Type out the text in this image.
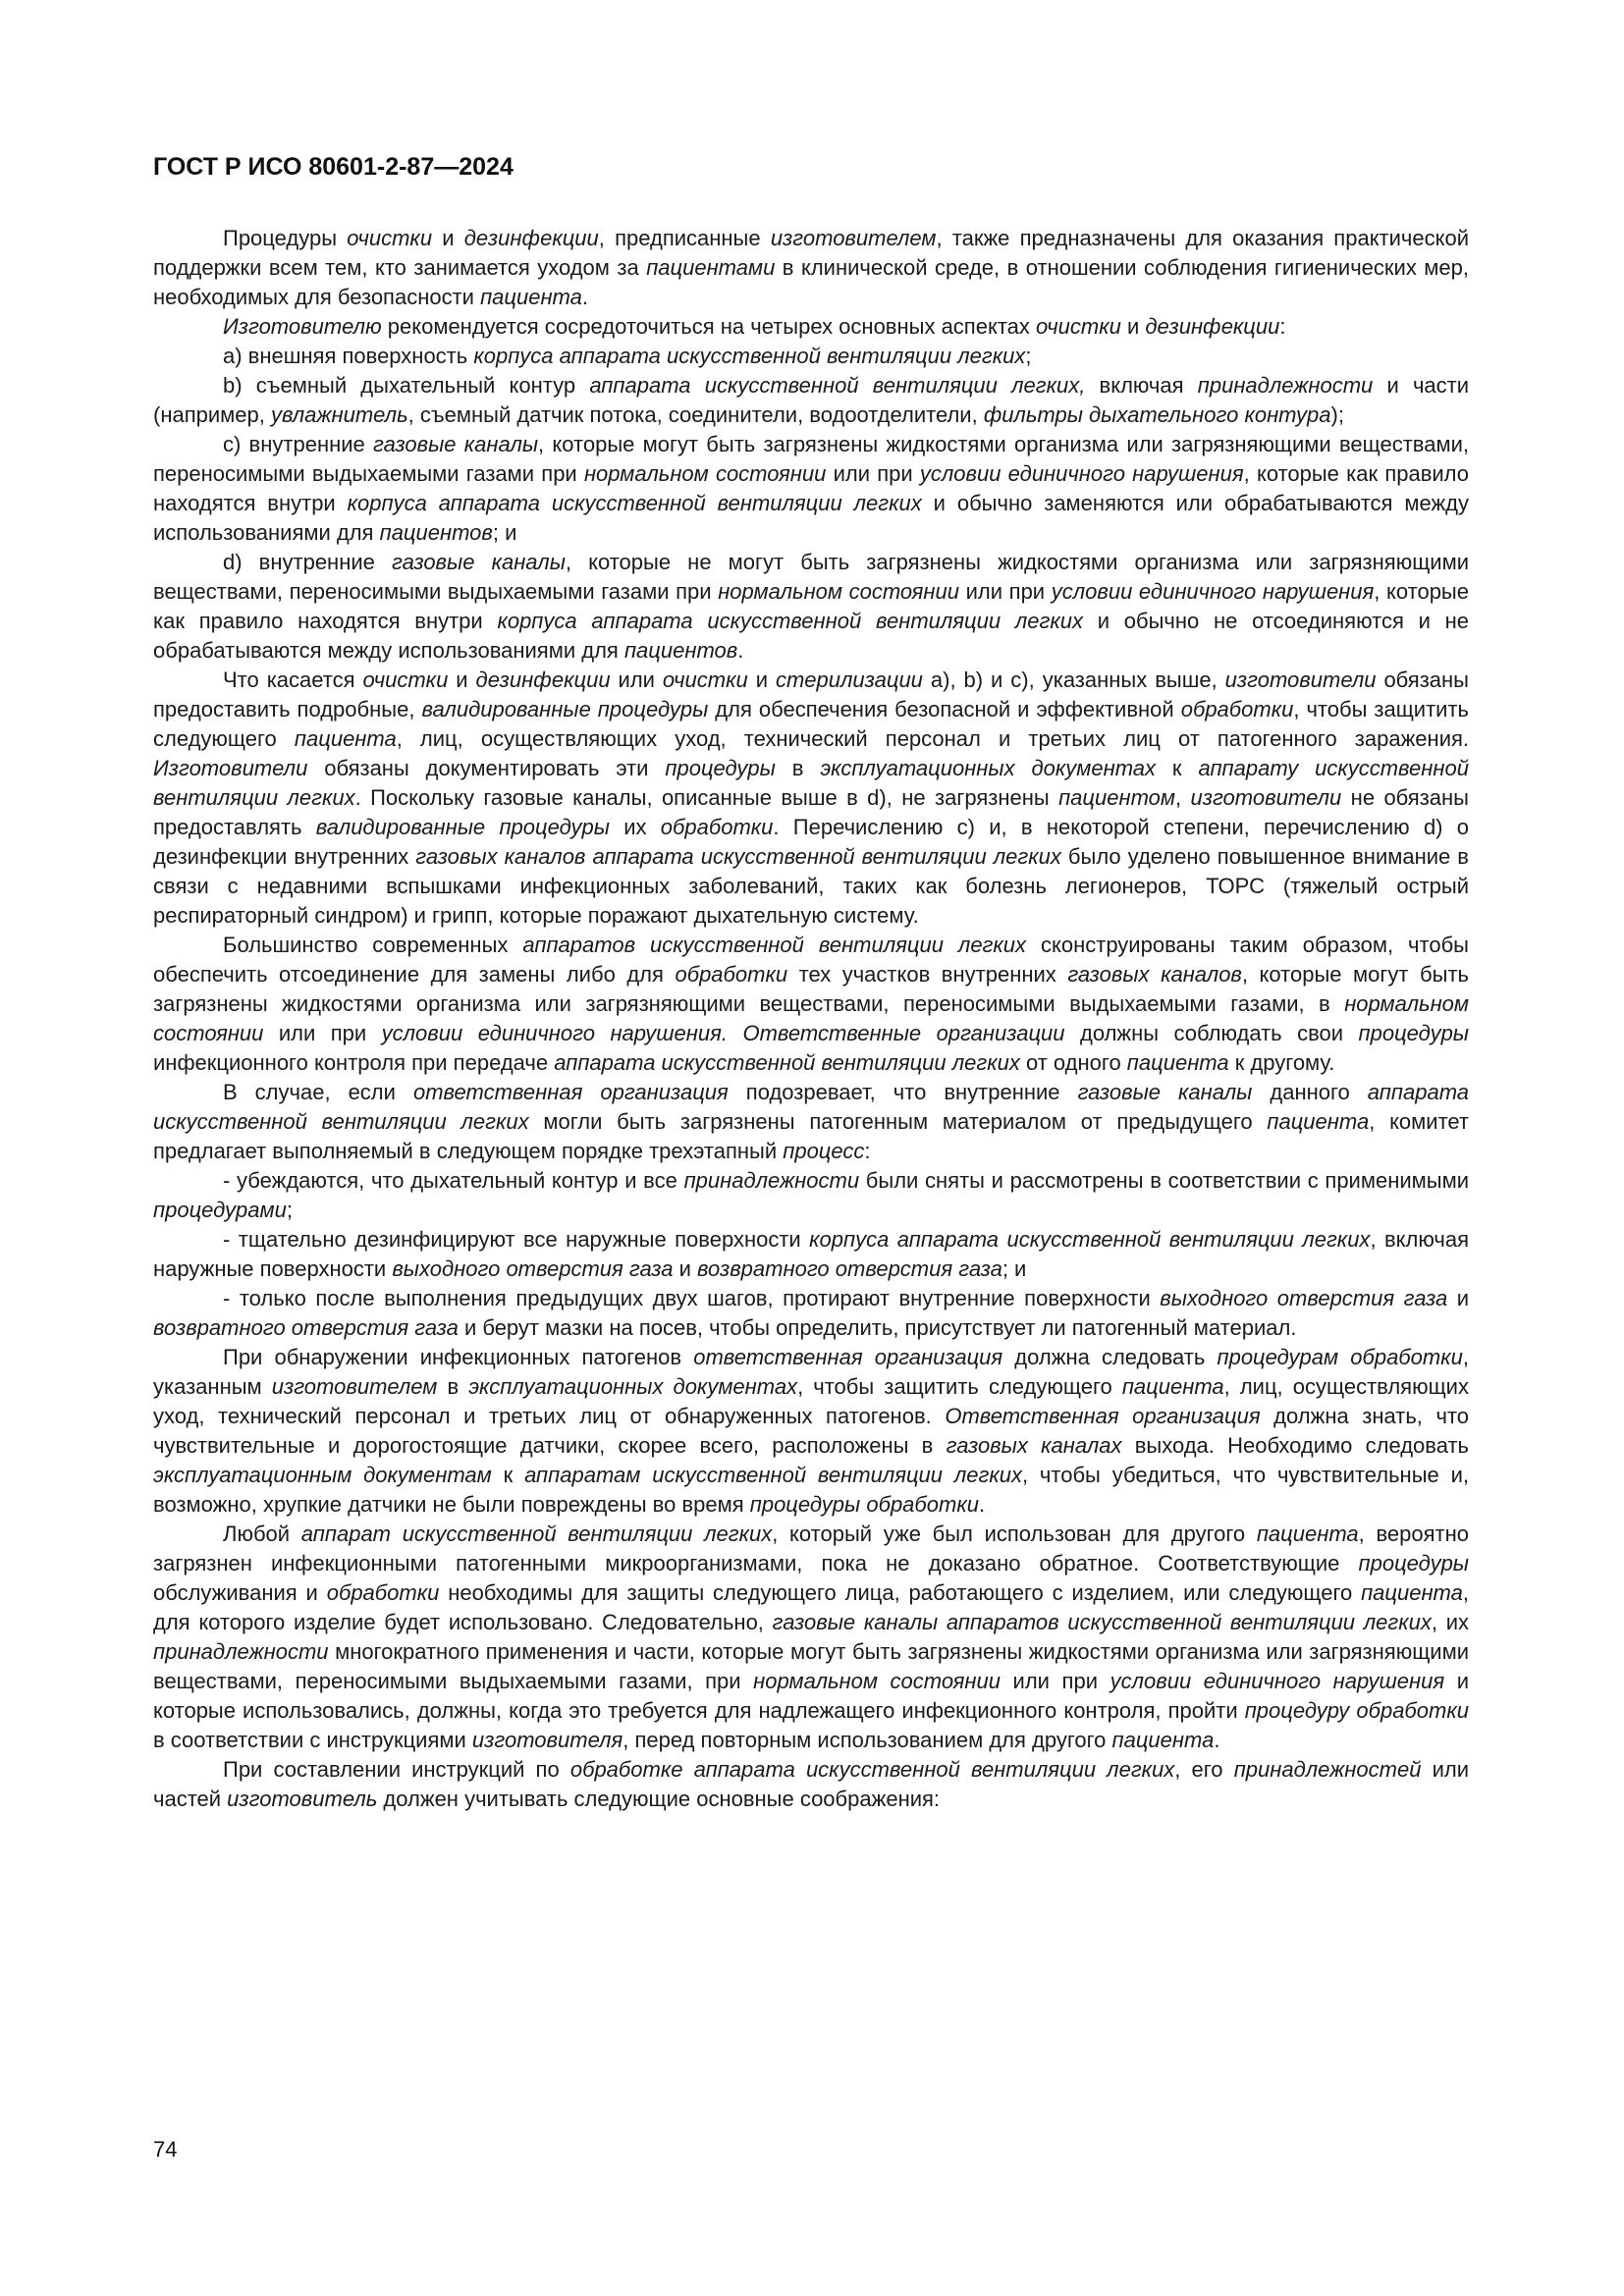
ГОСТ Р ИСО 80601-2-87—2024

Процедуры очистки и дезинфекции, предписанные изготовителем, также предназначены для оказания практической поддержки всем тем, кто занимается уходом за пациентами в клинической среде, в отношении соблюдения гигиенических мер, необходимых для безопасности пациента.

Изготовителю рекомендуется сосредоточиться на четырех основных аспектах очистки и дезинфекции:

a) внешняя поверхность корпуса аппарата искусственной вентиляции легких;

b) съемный дыхательный контур аппарата искусственной вентиляции легких, включая принадлежности и части (например, увлажнитель, съемный датчик потока, соединители, водоотделители, фильтры дыхательного контура);

c) внутренние газовые каналы, которые могут быть загрязнены жидкостями организма или загрязняющими веществами, переносимыми выдыхаемыми газами при нормальном состоянии или при условии единичного нарушения, которые как правило находятся внутри корпуса аппарата искусственной вентиляции легких и обычно заменяются или обрабатываются между использованиями для пациентов; и

d) внутренние газовые каналы, которые не могут быть загрязнены жидкостями организма или загрязняющими веществами, переносимыми выдыхаемыми газами при нормальном состоянии или при условии единичного нарушения, которые как правило находятся внутри корпуса аппарата искусственной вентиляции легких и обычно не отсоединяются и не обрабатываются между использованиями для пациентов.

Что касается очистки и дезинфекции или очистки и стерилизации a), b) и c), указанных выше, изготовители обязаны предоставить подробные, валидированные процедуры для обеспечения безопасной и эффективной обработки, чтобы защитить следующего пациента, лиц, осуществляющих уход, технический персонал и третьих лиц от патогенного заражения. Изготовители обязаны документировать эти процедуры в эксплуатационных документах к аппарату искусственной вентиляции легких. Поскольку газовые каналы, описанные выше в d), не загрязнены пациентом, изготовители не обязаны предоставлять валидированные процедуры их обработки. Перечислению c) и, в некоторой степени, перечислению d) о дезинфекции внутренних газовых каналов аппарата искусственной вентиляции легких было уделено повышенное внимание в связи с недавними вспышками инфекционных заболеваний, таких как болезнь легионеров, ТОРС (тяжелый острый респираторный синдром) и грипп, которые поражают дыхательную систему.

Большинство современных аппаратов искусственной вентиляции легких сконструированы таким образом, чтобы обеспечить отсоединение для замены либо для обработки тех участков внутренних газовых каналов, которые могут быть загрязнены жидкостями организма или загрязняющими веществами, переносимыми выдыхаемыми газами, в нормальном состоянии или при условии единичного нарушения. Ответственные организации должны соблюдать свои процедуры инфекционного контроля при передаче аппарата искусственной вентиляции легких от одного пациента к другому.

В случае, если ответственная организация подозревает, что внутренние газовые каналы данного аппарата искусственной вентиляции легких могли быть загрязнены патогенным материалом от предыдущего пациента, комитет предлагает выполняемый в следующем порядке трехэтапный процесс:

- убеждаются, что дыхательный контур и все принадлежности были сняты и рассмотрены в соответствии с применимыми процедурами;

- тщательно дезинфицируют все наружные поверхности корпуса аппарата искусственной вентиляции легких, включая наружные поверхности выходного отверстия газа и возвратного отверстия газа; и

- только после выполнения предыдущих двух шагов, протирают внутренние поверхности выходного отверстия газа и возвратного отверстия газа и берут мазки на посев, чтобы определить, присутствует ли патогенный материал.

При обнаружении инфекционных патогенов ответственная организация должна следовать процедурам обработки, указанным изготовителем в эксплуатационных документах, чтобы защитить следующего пациента, лиц, осуществляющих уход, технический персонал и третьих лиц от обнаруженных патогенов. Ответственная организация должна знать, что чувствительные и дорогостоящие датчики, скорее всего, расположены в газовых каналах выхода. Необходимо следовать эксплуатационным документам к аппаратам искусственной вентиляции легких, чтобы убедиться, что чувствительные и, возможно, хрупкие датчики не были повреждены во время процедуры обработки.

Любой аппарат искусственной вентиляции легких, который уже был использован для другого пациента, вероятно загрязнен инфекционными патогенными микроорганизмами, пока не доказано обратное. Соответствующие процедуры обслуживания и обработки необходимы для защиты следующего лица, работающего с изделием, или следующего пациента, для которого изделие будет использовано. Следовательно, газовые каналы аппаратов искусственной вентиляции легких, их принадлежности многократного применения и части, которые могут быть загрязнены жидкостями организма или загрязняющими веществами, переносимыми выдыхаемыми газами, при нормальном состоянии или при условии единичного нарушения и которые использовались, должны, когда это требуется для надлежащего инфекционного контроля, пройти процедуру обработки в соответствии с инструкциями изготовителя, перед повторным использованием для другого пациента.

При составлении инструкций по обработке аппарата искусственной вентиляции легких, его принадлежностей или частей изготовитель должен учитывать следующие основные соображения:

74
